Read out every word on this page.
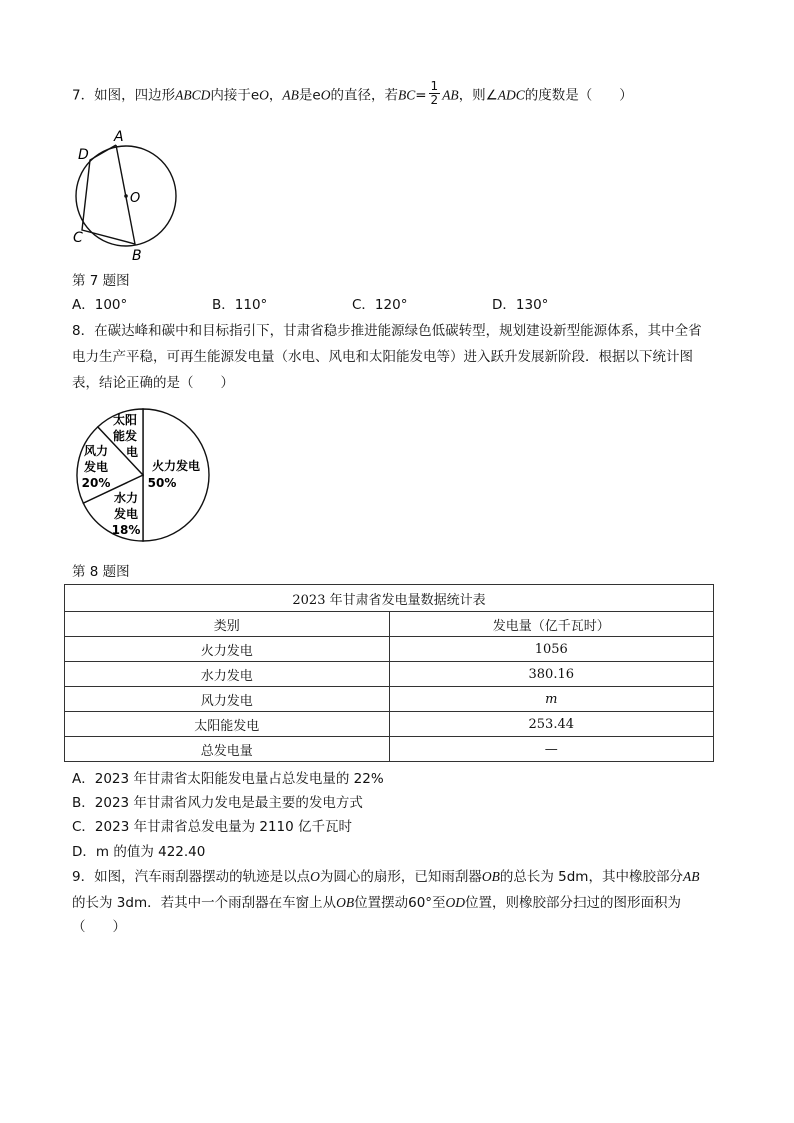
7．如图，四边形ABCD内接于eO，AB是eO的直径，若$BC= \frac{1}{2}$ AB，则∠ADC的度数是（　　）
A
D
O
C
B
第 7 题图
A．100°	B．110°	C．120°	D．130°
8．在碳达峰和碳中和目标指引下，甘肃省稳步推进能源绿色低碳转型，规划建设新型能源体系，其中全省
电力生产平稳，可再生能源发电量（水电、风电和太阳能发电等）进入跃升发展新阶段．根据以下统计图
表，结论正确的是（　　）
太阳
能发
电
风力
发电
20%
水力
发电
18%
火力发电
50%
第 8 题图
2023 年甘肃省发电量数据统计表	
类别	发电量（亿千瓦时）
火力发电	1056
水力发电	380.16
风力发电	m
太阳能发电	253.44
总发电量	—
A．2023 年甘肃省太阳能发电量占总发电量的 22%
B．2023 年甘肃省风力发电是最主要的发电方式
C．2023 年甘肃省总发电量为 2110 亿千瓦时
D．m 的值为 422.40
9．如图，汽车雨刮器摆动的轨迹是以点O为圆心的扇形，已知雨刮器OB的总长为 5dm，其中橡胶部分AB
的长为 3dm．若其中一个雨刮器在车窗上从OB位置摆动60°至OD位置，则橡胶部分扫过的图形面积为
（　　）
